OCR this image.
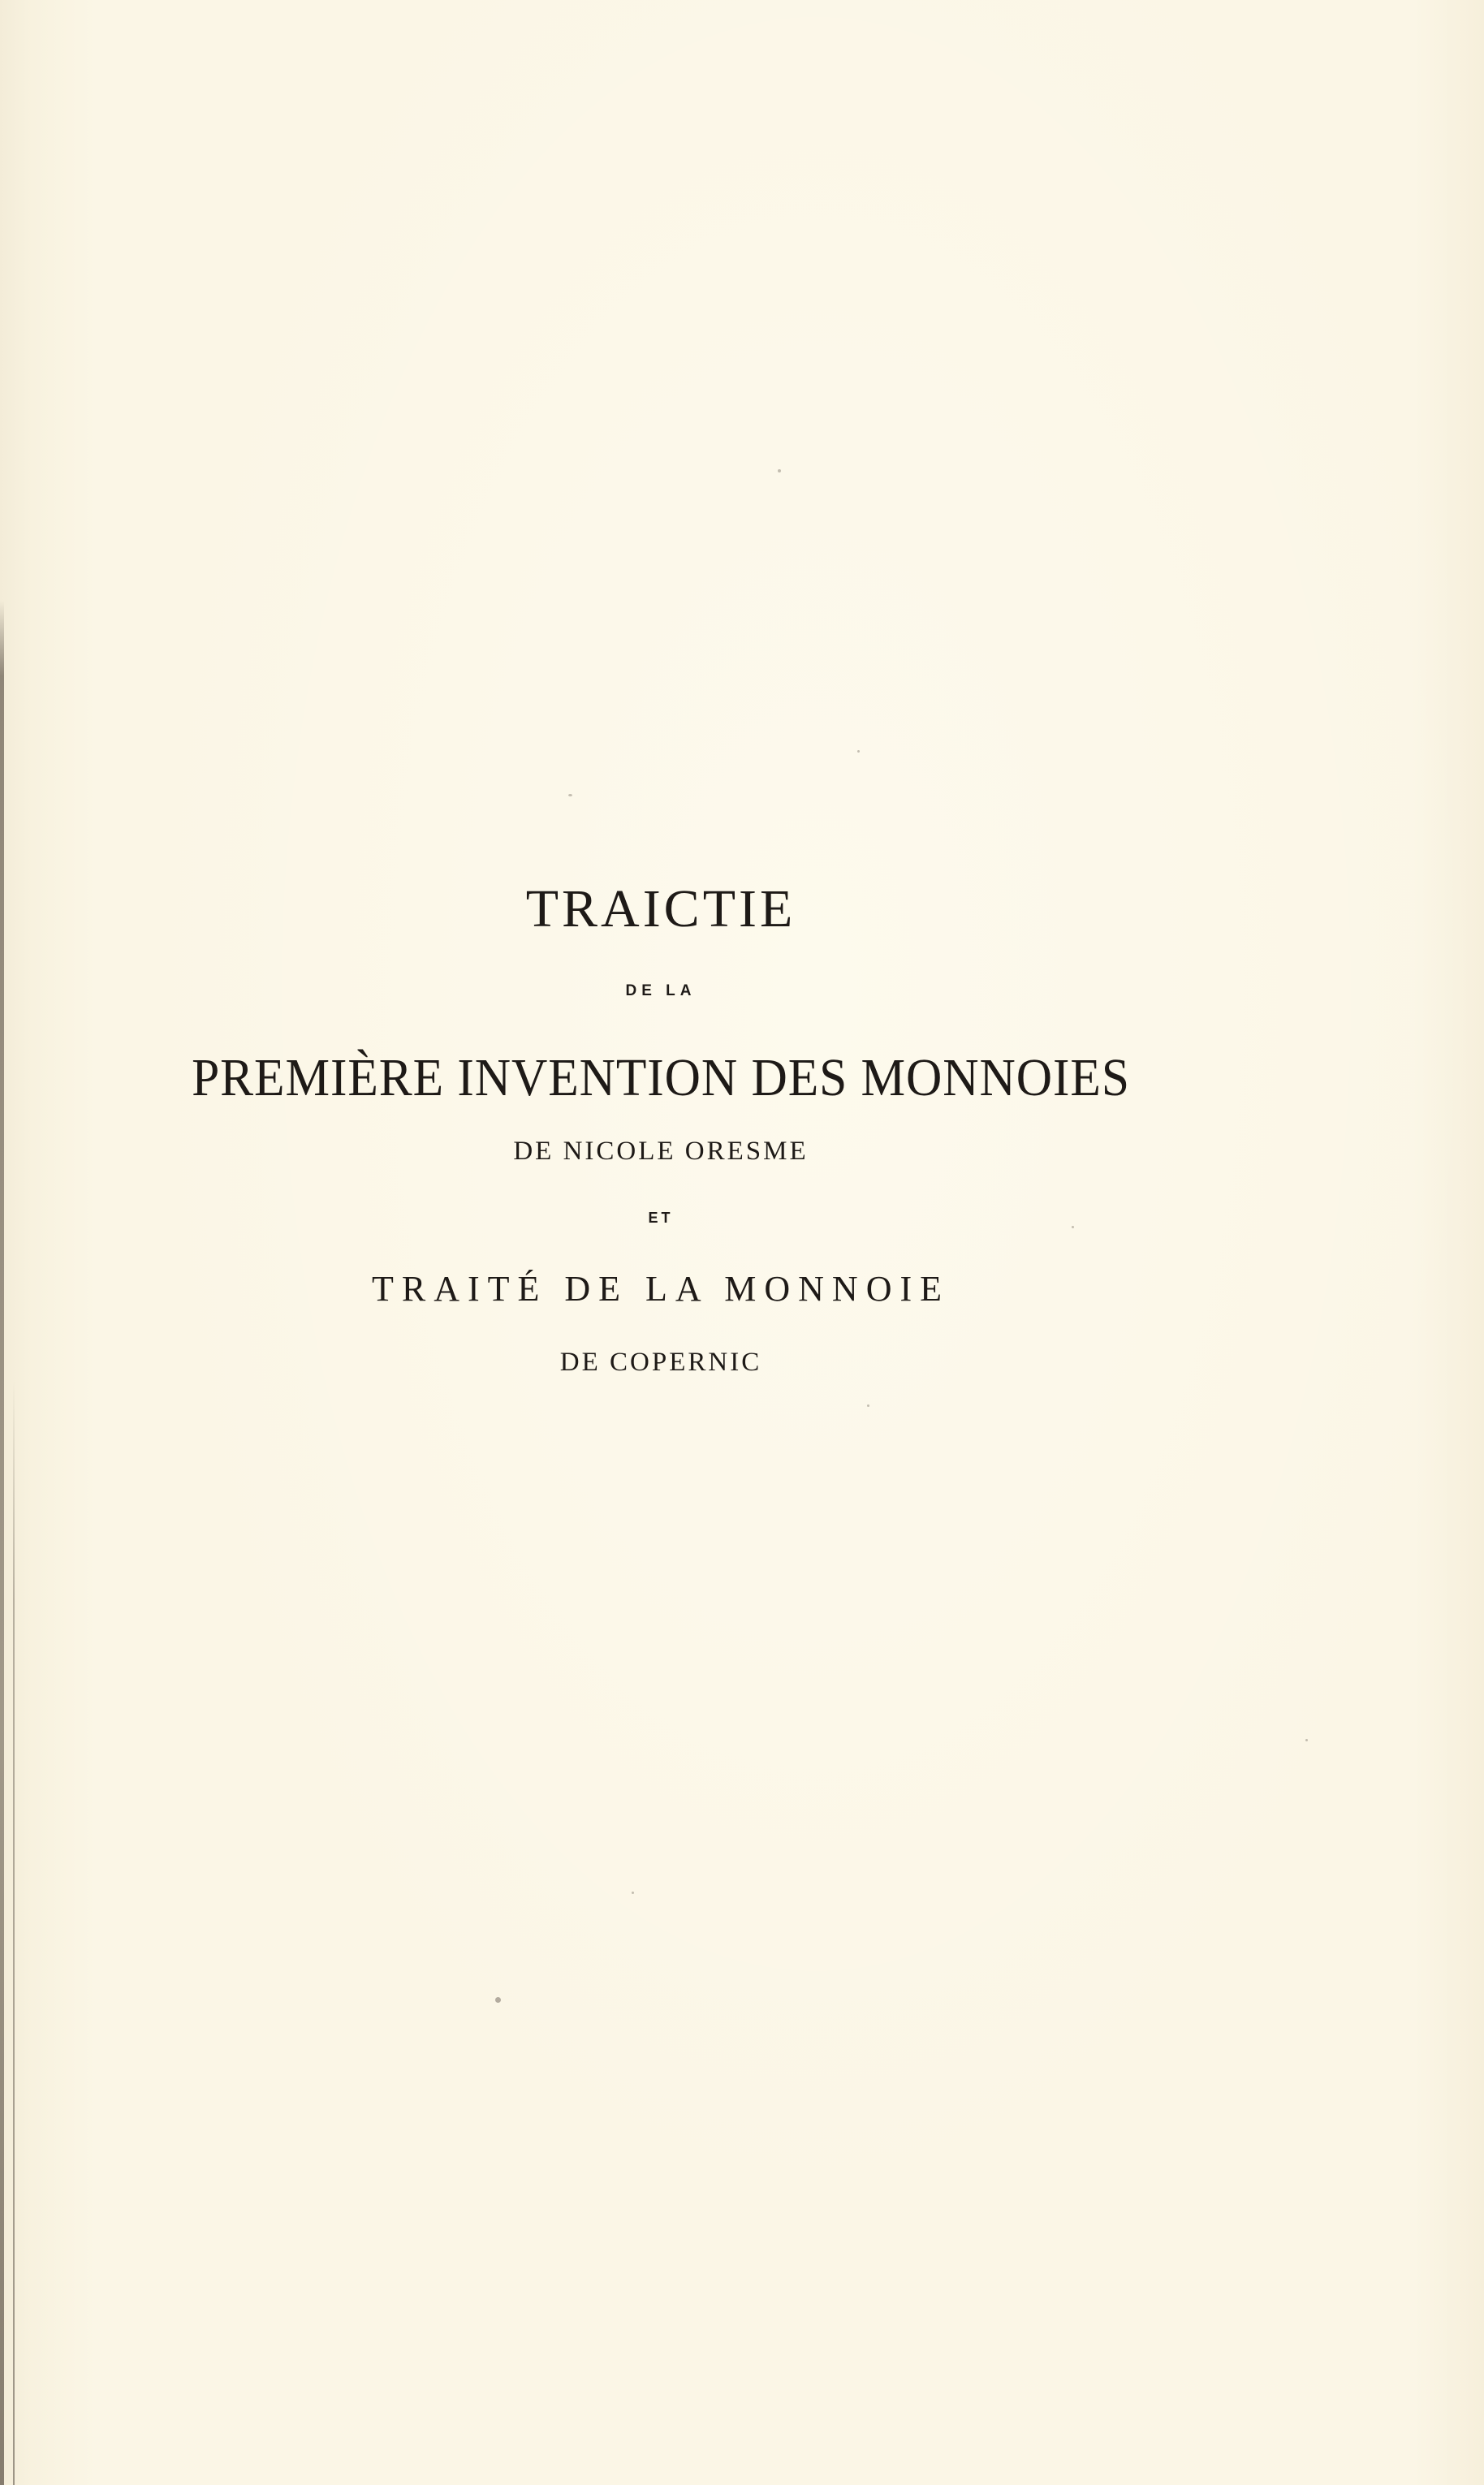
TRAICTIE
DE LA
PREMIÈRE INVENTION DES MONNOIES
DE NICOLE ORESME
ET
TRAITÉ DE LA MONNOIE
DE COPERNIC
